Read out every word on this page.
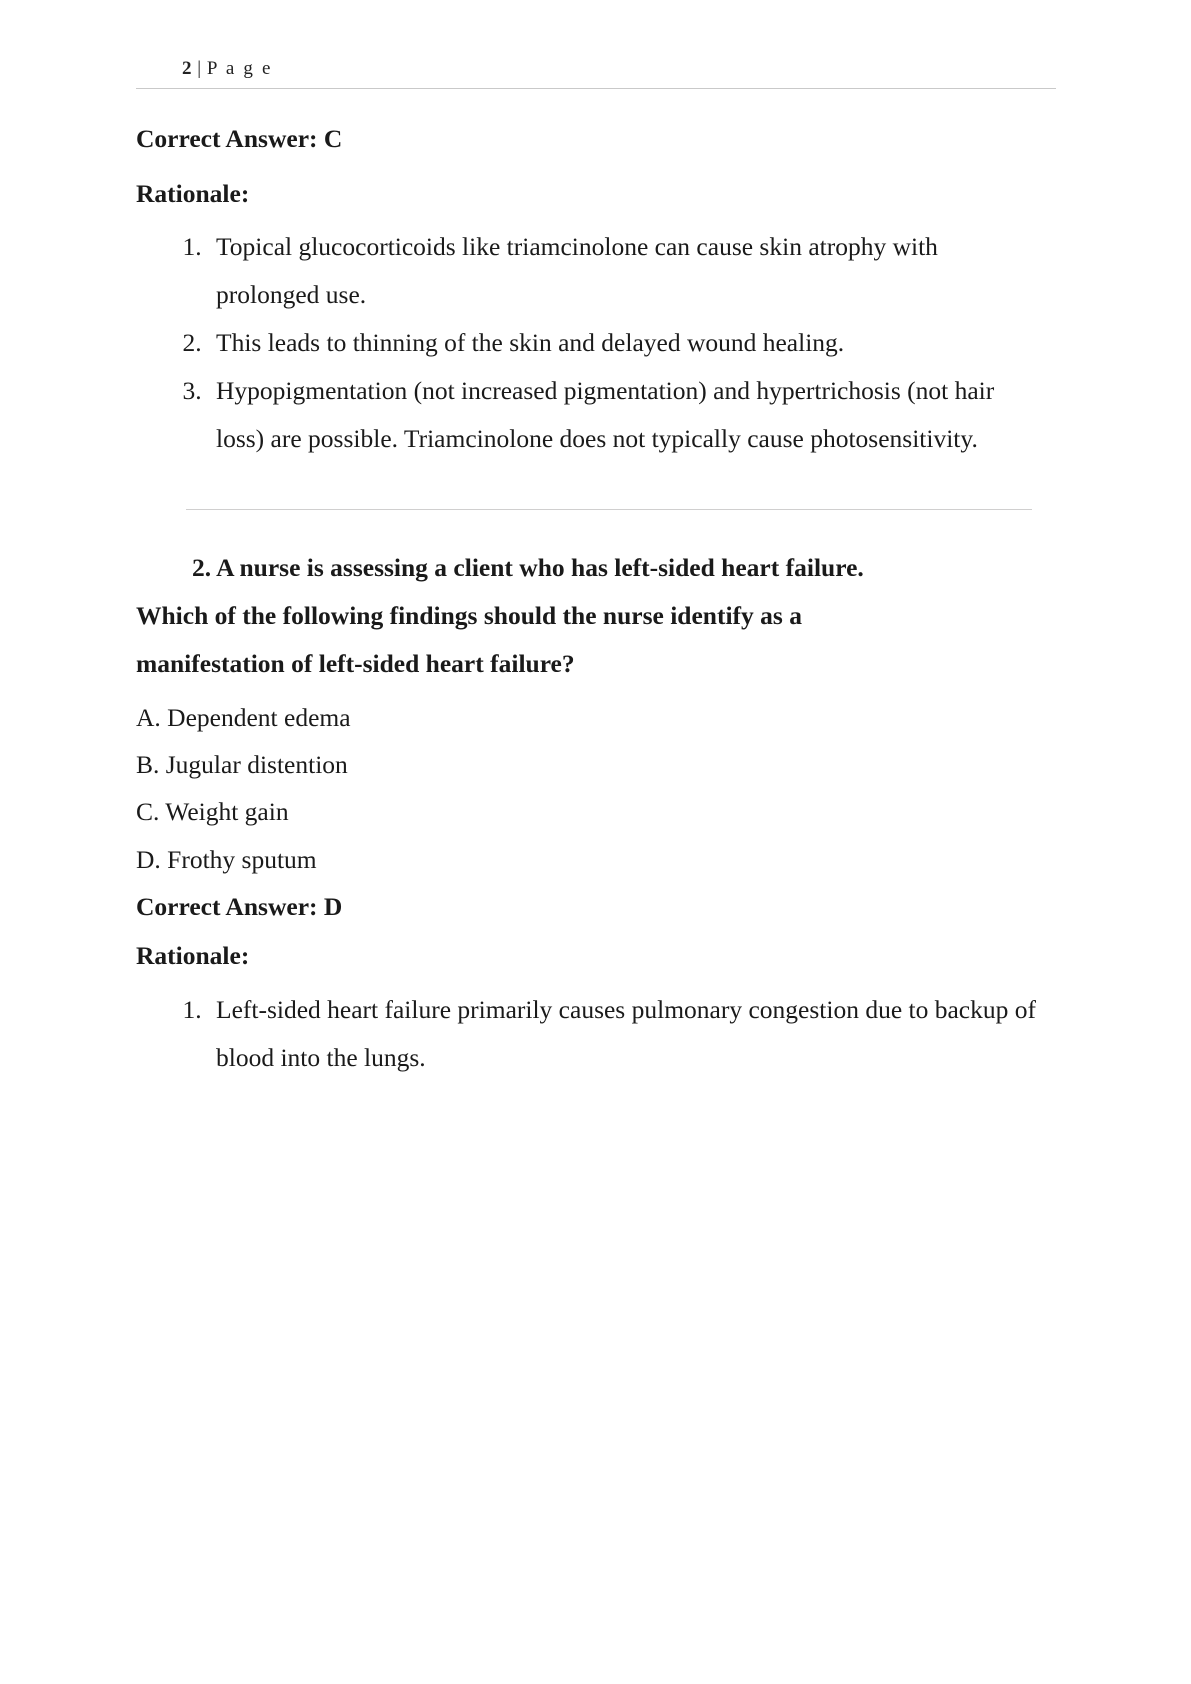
2 | P a g e

Correct Answer: C

Rationale:

1. Topical glucocorticoids like triamcinolone can cause skin atrophy with prolonged use.
2. This leads to thinning of the skin and delayed wound healing.
3. Hypopigmentation (not increased pigmentation) and hypertrichosis (not hair loss) are possible. Triamcinolone does not typically cause photosensitivity.

2. A nurse is assessing a client who has left-sided heart failure.

Which of the following findings should the nurse identify as a

manifestation of left-sided heart failure?

A. Dependent edema

B. Jugular distention

C. Weight gain

D. Frothy sputum

Correct Answer: D

Rationale:

1. Left-sided heart failure primarily causes pulmonary congestion due to backup of blood into the lungs.
